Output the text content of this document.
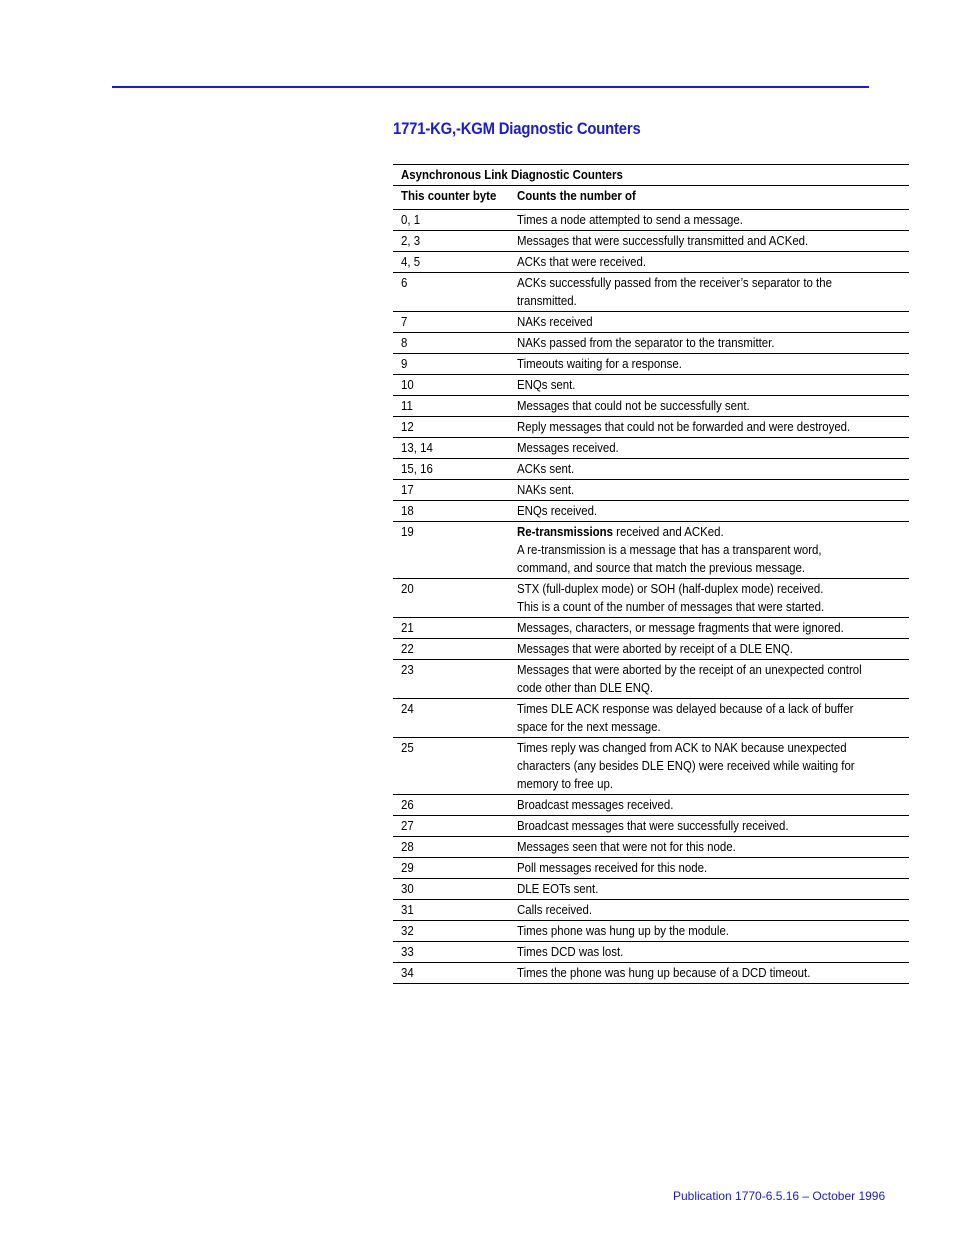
1771-KG,-KGM Diagnostic Counters
Asynchronous Link Diagnostic Counters	
This counter byte	Counts the number of
0, 1	Times a node attempted to send a message.

2, 3	Messages that were successfully transmitted and ACKed.

4, 5	ACKs that were received.

6	ACKs successfully passed from the receiver’s separator to the
transmitted.

7	NAKs received

8	NAKs passed from the separator to the transmitter.

9	Timeouts waiting for a response.

10	ENQs sent.

11	Messages that could not be successfully sent.

12	Reply messages that could not be forwarded and were destroyed.

13, 14	Messages received.

15, 16	ACKs sent.

17	NAKs sent.

18	ENQs received.

19	Re-transmissions received and ACKed.
A re-transmission is a message that has a transparent word,
command, and source that match the previous message.

20	STX (full-duplex mode) or SOH (half-duplex mode) received.
This is a count of the number of messages that were started.

21	Messages, characters, or message fragments that were ignored.

22	Messages that were aborted by receipt of a DLE ENQ.

23	Messages that were aborted by the receipt of an unexpected control
code other than DLE ENQ.

24	Times DLE ACK response was delayed because of a lack of buffer
space for the next message.

25	Times reply was changed from ACK to NAK because unexpected
characters (any besides DLE ENQ) were received while waiting for
memory to free up.

26	Broadcast messages received.

27	Broadcast messages that were successfully received.

28	Messages seen that were not for this node.

29	Poll messages received for this node.

30	DLE EOTs sent.

31	Calls received.

32	Times phone was hung up by the module.

33	Times DCD was lost.

34	Times the phone was hung up because of a DCD timeout.
Publication 1770-6.5.16 – October 1996
